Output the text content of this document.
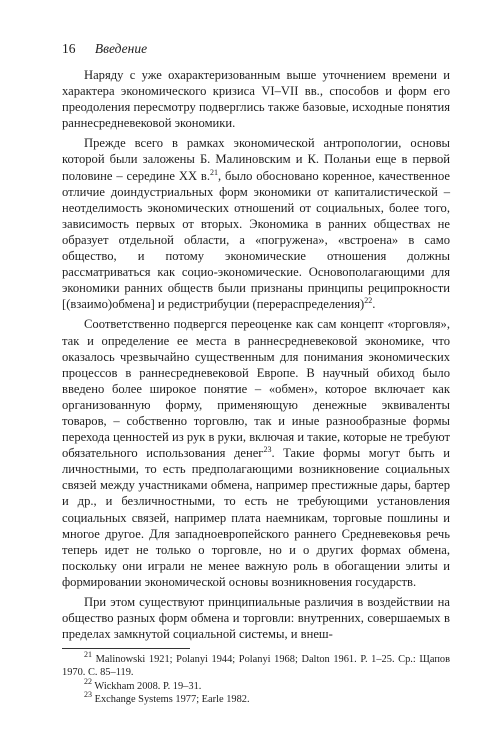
16 Введение

Наряду с уже охарактеризованным выше уточнением времени и характера экономического кризиса VI–VII вв., способов и форм его преодоления пересмотру подверглись также базовые, исходные понятия раннесредневековой экономики.

Прежде всего в рамках экономической антропологии, основы которой были заложены Б. Малиновским и К. Поланьи еще в первой половине – середине XX в.$^{21}$, было обосновано коренное, качественное отличие доиндустриальных форм экономики от капиталистической – неотделимость экономических отношений от социальных, более того, зависимость первых от вторых. Экономика в ранних обществах не образует отдельной области, а «погружена», «встроена» в само общество, и потому экономические отношения должны рассматриваться как социо-экономические. Основополагающими для экономики ранних обществ были признаны принципы реципрокности [(взаимо)обмена] и редистрибуции (перераспределения)$^{22}$.

Соответственно подвергся переоценке как сам концепт «торговля», так и определение ее места в раннесредневековой экономике, что оказалось чрезвычайно существенным для понимания экономических процессов в раннесредневековой Европе. В научный обиход было введено более широкое понятие – «обмен», которое включает как организованную форму, применяющую денежные эквиваленты товаров, – собственно торговлю, так и иные разнообразные формы перехода ценностей из рук в руки, включая и такие, которые не требуют обязательного использования денег$^{23}$. Такие формы могут быть и личностными, то есть предполагающими возникновение социальных связей между участниками обмена, например престижные дары, бартер и др., и безличностными, то есть не требующими установления социальных связей, например плата наемникам, торговые пошлины и многое другое. Для западноевропейского раннего Средневековья речь теперь идет не только о торговле, но и о других формах обмена, поскольку они играли не менее важную роль в обогащении элиты и формировании экономической основы возникновения государств.

При этом существуют принципиальные различия в воздействии на общество разных форм обмена и торговли: внутренних, совершаемых в пределах замкнутой социальной системы, и внеш-

$^{21}$ Malinowski 1921; Polanyi 1944; Polanyi 1968; Dalton 1961. P. 1–25. Ср.: Щапов 1970. С. 85–119.

$^{22}$ Wickham 2008. P. 19–31.

$^{23}$ Exchange Systems 1977; Earle 1982.
